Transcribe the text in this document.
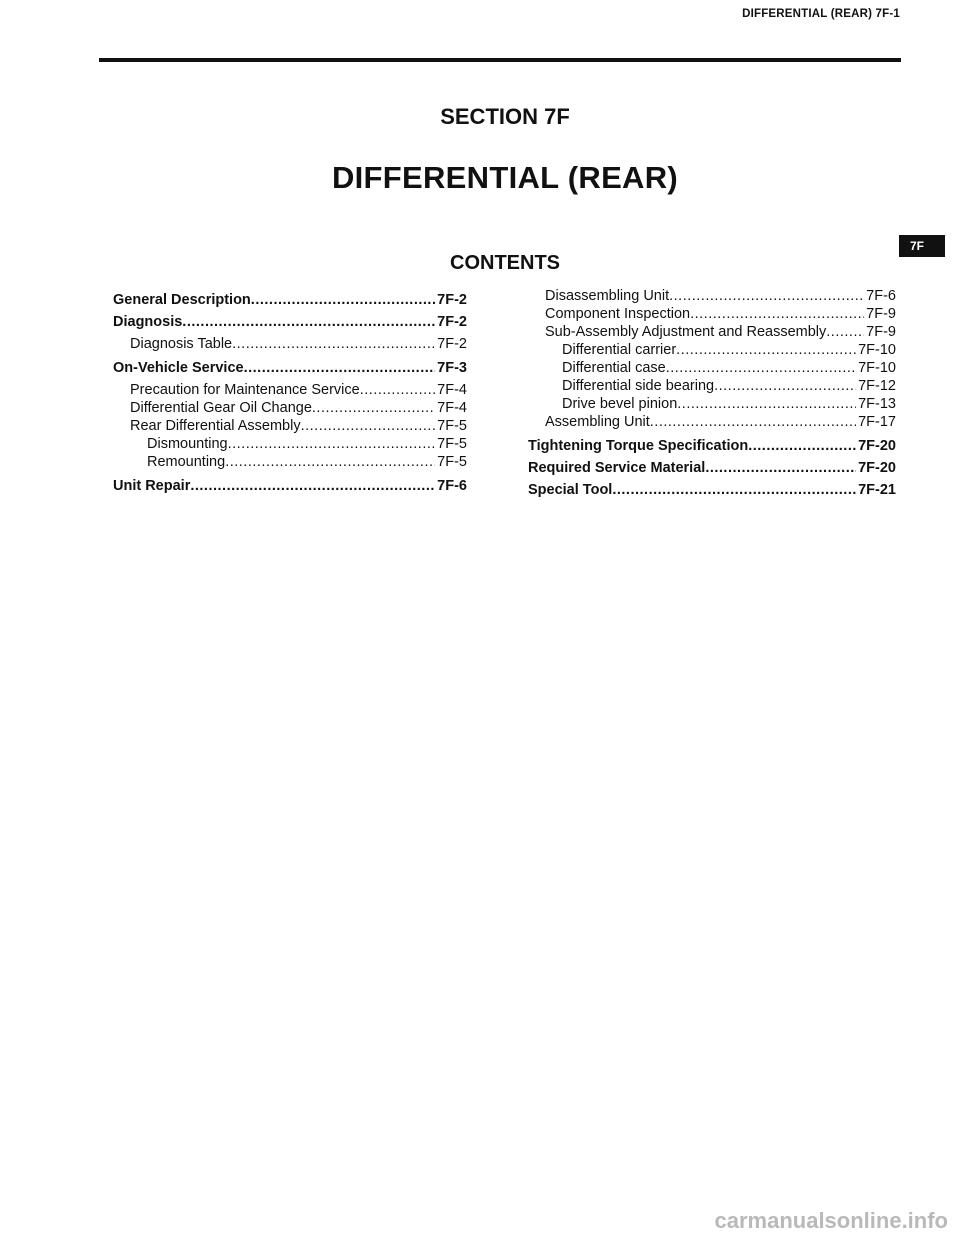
DIFFERENTIAL (REAR) 7F-1
SECTION 7F
DIFFERENTIAL (REAR)
7F
CONTENTS
General Description .....	7F-2
Diagnosis .....	7F-2
Diagnosis Table .....	7F-2
On-Vehicle Service .....	7F-3
Precaution for Maintenance Service .....	7F-4
Differential Gear Oil Change .....	7F-4
Rear Differential Assembly .....	7F-5
Dismounting .....	7F-5
Remounting .....	7F-5
Unit Repair .....	7F-6
Disassembling Unit .....	7F-6
Component Inspection .....	7F-9
Sub-Assembly Adjustment and Reassembly .....	7F-9
Differential carrier .....	7F-10
Differential case .....	7F-10
Differential side bearing .....	7F-12
Drive bevel pinion .....	7F-13
Assembling Unit .....	7F-17
Tightening Torque Specification .....	7F-20
Required Service Material .....	7F-20
Special Tool .....	7F-21
carmanualsonline.info
